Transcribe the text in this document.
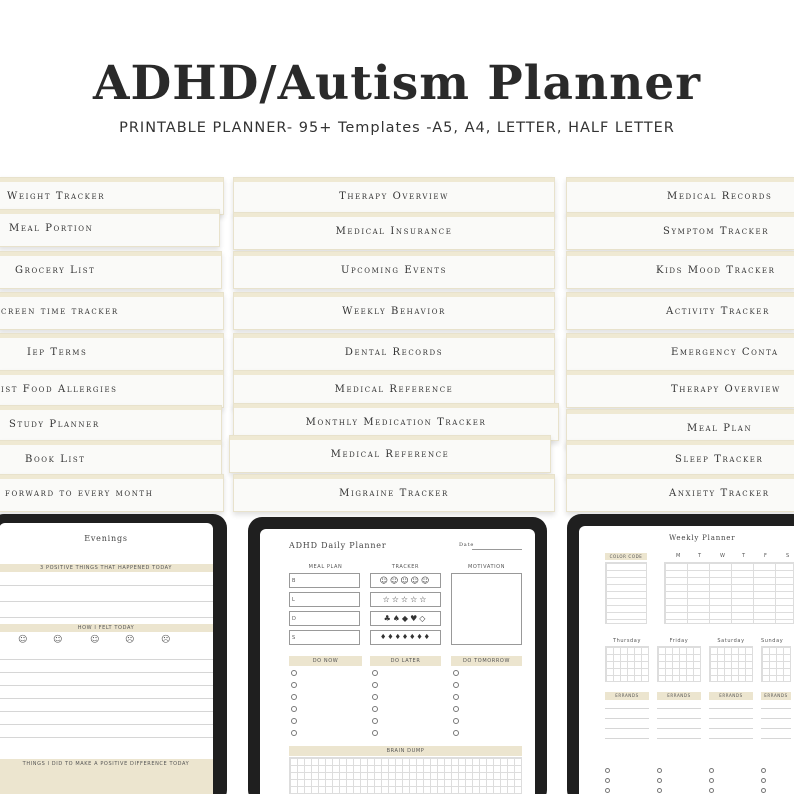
ADHD/Autism Planner
PRINTABLE PLANNER- 95+ Templates -A5, A4, LETTER, HALF LETTER
Weight Tracker
Meal Portion
Grocery List
creen time tracker
Iep Terms
ist Food Allergies
Study Planner
Book List
forward to every month
Therapy Overview
Medical Insurance
Upcoming Events
Weekly Behavior
Dental Records
Medical Reference
Monthly Medication Tracker
Medical Reference
Migraine Tracker
Medical Records
Symptom Tracker
Kids Mood Tracker
Activity Tracker
Emergency Conta
Therapy Overview
Meal Plan
Sleep Tracker
Anxiety Tracker
Evenings
3 POSITIVE THINGS THAT HAPPENED TODAY
HOW I FELT TODAY
☺	☺	☺	☹	☹
THINGS I DID TO MAKE A POSITIVE DIFFERENCE TODAY
ADHD Daily Planner	Date
MEAL PLAN	TRACKER	MOTIVATION
B
L
D
S
☺☺☺☺☺
☆☆☆☆☆
♣♠◆♥◇
♦♦♦♦♦♦♦
DO NOW	DO LATER	DO TOMORROW
BRAIN DUMP
Weekly Planner
COLOR CODE	M	T	W	T	F	S
Thursday	Friday	Saturday	Sunday
ERRANDS	ERRANDS	ERRANDS	ERRANDS
